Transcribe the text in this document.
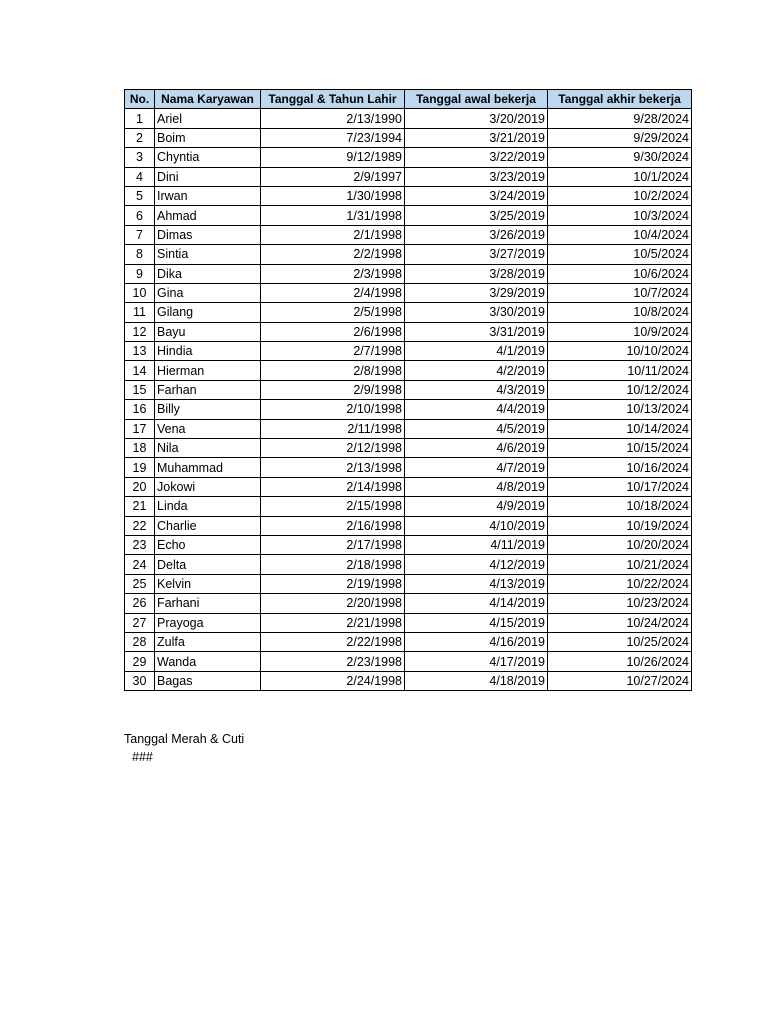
No.	Nama Karyawan	Tanggal & Tahun Lahir	Tanggal awal bekerja	Tanggal akhir bekerja
1	Ariel	2/13/1990	3/20/2019	9/28/2024
2	Boim	7/23/1994	3/21/2019	9/29/2024
3	Chyntia	9/12/1989	3/22/2019	9/30/2024
4	Dini	2/9/1997	3/23/2019	10/1/2024
5	Irwan	1/30/1998	3/24/2019	10/2/2024
6	Ahmad	1/31/1998	3/25/2019	10/3/2024
7	Dimas	2/1/1998	3/26/2019	10/4/2024
8	Sintia	2/2/1998	3/27/2019	10/5/2024
9	Dika	2/3/1998	3/28/2019	10/6/2024
10	Gina	2/4/1998	3/29/2019	10/7/2024
11	Gilang	2/5/1998	3/30/2019	10/8/2024
12	Bayu	2/6/1998	3/31/2019	10/9/2024
13	Hindia	2/7/1998	4/1/2019	10/10/2024
14	Hierman	2/8/1998	4/2/2019	10/11/2024
15	Farhan	2/9/1998	4/3/2019	10/12/2024
16	Billy	2/10/1998	4/4/2019	10/13/2024
17	Vena	2/11/1998	4/5/2019	10/14/2024
18	Nila	2/12/1998	4/6/2019	10/15/2024
19	Muhammad	2/13/1998	4/7/2019	10/16/2024
20	Jokowi	2/14/1998	4/8/2019	10/17/2024
21	Linda	2/15/1998	4/9/2019	10/18/2024
22	Charlie	2/16/1998	4/10/2019	10/19/2024
23	Echo	2/17/1998	4/11/2019	10/20/2024
24	Delta	2/18/1998	4/12/2019	10/21/2024
25	Kelvin	2/19/1998	4/13/2019	10/22/2024
26	Farhani	2/20/1998	4/14/2019	10/23/2024
27	Prayoga	2/21/1998	4/15/2019	10/24/2024
28	Zulfa	2/22/1998	4/16/2019	10/25/2024
29	Wanda	2/23/1998	4/17/2019	10/26/2024
30	Bagas	2/24/1998	4/18/2019	10/27/2024
Tanggal Merah & Cuti
###
